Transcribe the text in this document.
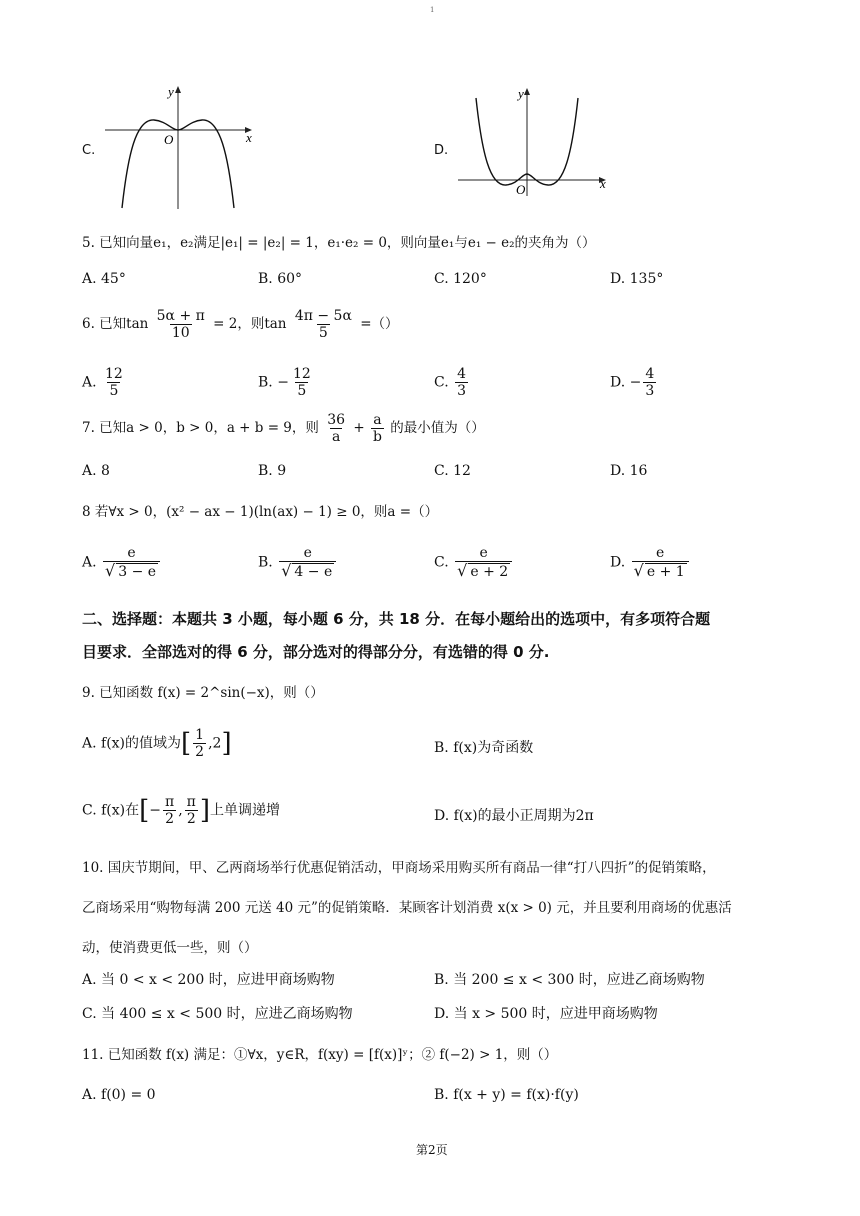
1
C.
y
x
O
D.
y
x
O
5. 已知向量e₁，e₂满足|e₁| = |e₂| = 1，e₁·e₂ = 0，则向量e₁与e₁ − e₂的夹角为（）
A. 45°	B. 60°	C. 120°	D. 135°
6. 已知$\tan \frac{5\alpha + \pi}{10} = 2$，则$\tan \frac{4\pi - 5\alpha}{5}$ =（）
A. $\frac{12}{5}$	B. − $\frac{12}{5}$	C. $\frac{4}{3}$	D. − $\frac{4}{3}$
7. 已知a > 0，b > 0，a + b = 9，则 $\frac{36}{a} + \frac{a}{b}$ 的最小值为（）
A. 8	B. 9	C. 12	D. 16
8 若∀x > 0，(x² − ax − 1)(ln(ax) − 1) ≥ 0，则a =（）
A. $\frac{e}{√ 3 - e}$	B. $\frac{e}{√ 4 - e}$	C. $\frac{e}{√ e + 2}$	D. $\frac{e}{√ e + 1}$
二、选择题：本题共 3 小题，每小题 6 分，共 18 分．在每小题给出的选项中，有多项符合题
目要求．全部选对的得 6 分，部分选对的得部分分，有选错的得 0 分.
9. 已知函数 f(x) = 2^sin(−x)，则（）
A. f(x)的值域为[ $\frac{1}{2} ,2$]	B. f(x)为奇函数
C. f(x)在[− $\frac{\pi}{2}$ , $\frac{\pi}{2}$ ]上单调递增	D. f(x)的最小正周期为2π
10. 国庆节期间，甲、乙两商场举行优惠促销活动，甲商场采用购买所有商品一律“打八四折”的促销策略，
乙商场采用“购物每满 200 元送 40 元”的促销策略．某顾客计划消费 x(x > 0) 元，并且要利用商场的优惠活
动，使消费更低一些，则（）
A. 当 0 < x < 200 时，应进甲商场购物	B. 当 200 ≤ x < 300 时，应进乙商场购物
C. 当 400 ≤ x < 500 时，应进乙商场购物	D. 当 x > 500 时，应进甲商场购物
11. 已知函数 f(x) 满足：①∀x，y∈R，f(xy) = [f(x)]ʸ；② f(−2) > 1，则（）
A. f(0) = 0	B. f(x + y) = f(x)·f(y)
第2页
